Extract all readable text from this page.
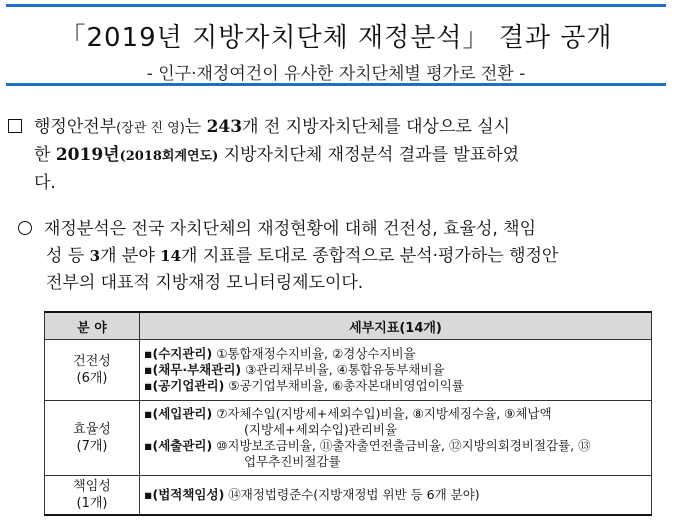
「2019년 지방자치단체 재정분석」 결과 공개
- 인구·재정여건이 유사한 자치단체별 평가로 전환 -
행정안전부(장관 진 영)는 243개 전 지방자치단체를 대상으로 실시
한 2019년(2018회계연도) 지방자치단체 재정분석 결과를 발표하였
다.
재정분석은 전국 자치단체의 재정현황에 대해 건전성, 효율성, 책임
성 등 3개 분야 14개 지표를 토대로 종합적으로 분석·평가하는 행정안
전부의 대표적 지방재정 모니터링제도이다.
분 야	세부지표(14개)

건전성
(6개)	▪(수지관리) ①통합재정수지비율, ②경상수지비율
▪(채무·부채관리) ③관리채무비율, ④통합유동부채비율
▪(공기업관리) ⑤공기업부채비율, ⑥총자본대비영업이익률

효율성
(7개)	▪(세입관리) ⑦자체수입(지방세+세외수입)비율, ⑧지방세징수율, ⑨체납액
(지방세+세외수입)관리비율
▪(세출관리) ⑩지방보조금비율, ⑪출자출연전출금비율, ⑫지방의회경비절감률, ⑬
업무추진비절감률

책임성
(1개)	▪(법적책임성) ⑭재정법령준수(지방재정법 위반 등 6개 분야)
